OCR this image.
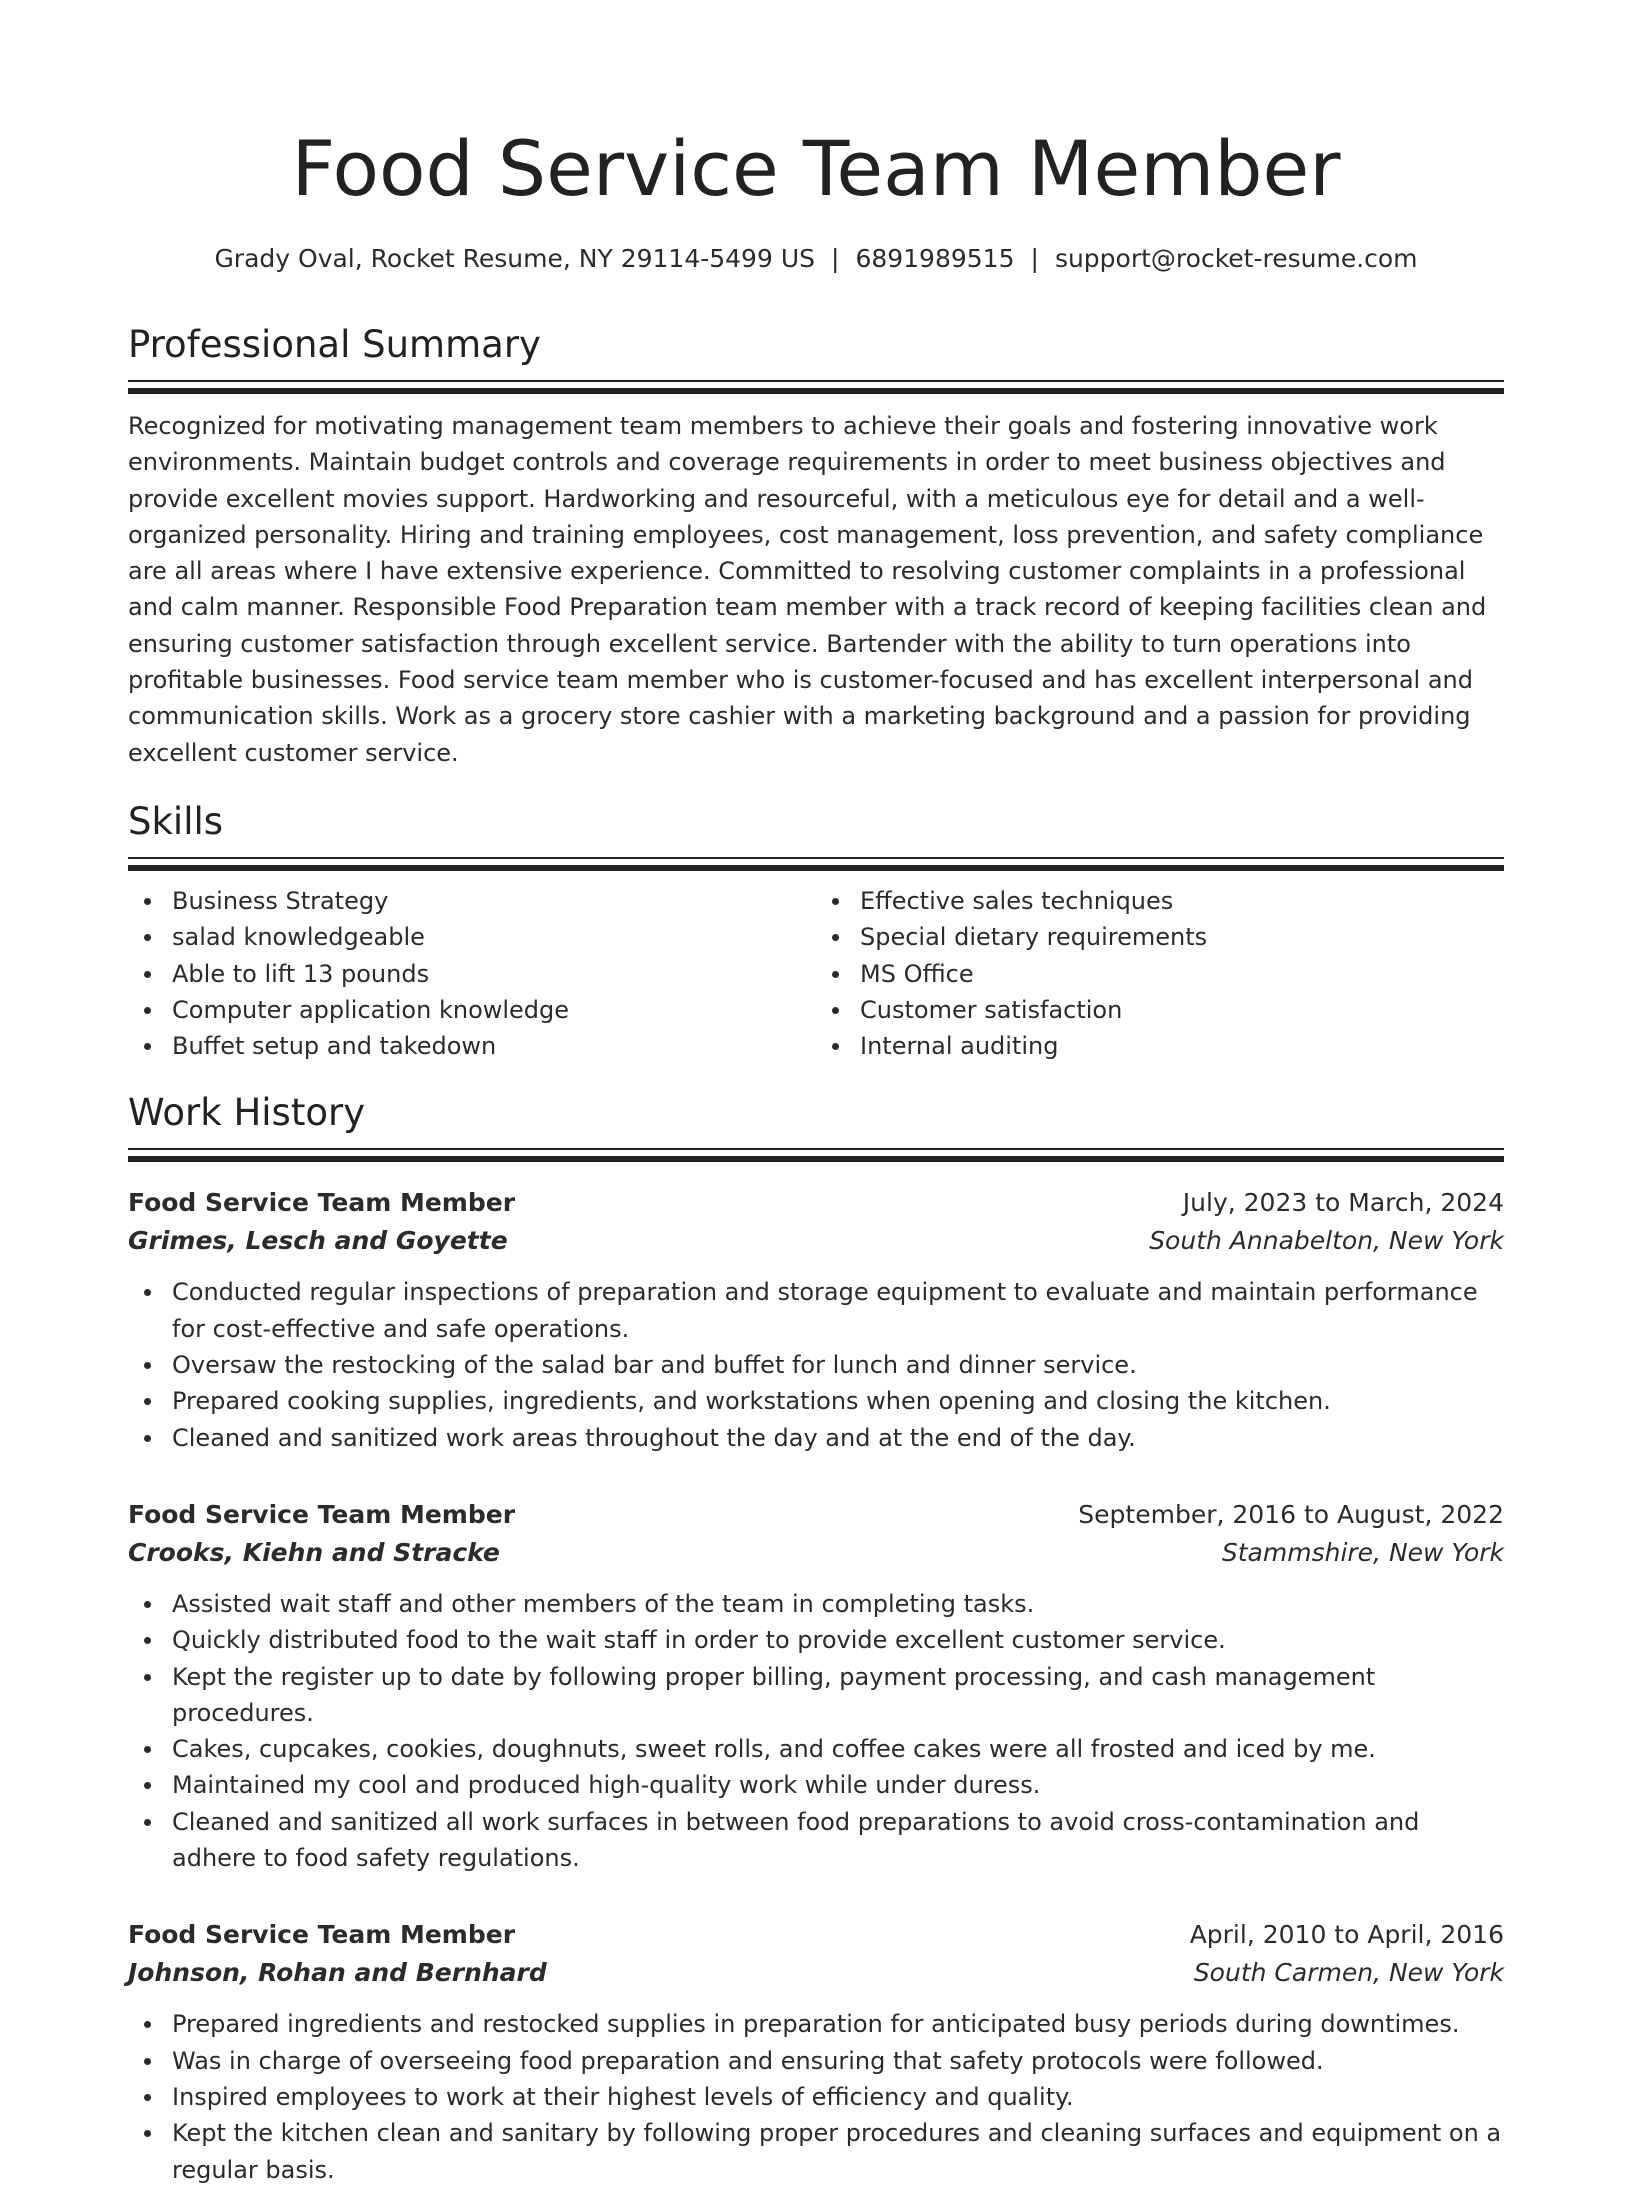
Food Service Team Member
Grady Oval, Rocket Resume, NY 29114-5499 US | 6891989515 | support@rocket-resume.com
Professional Summary

Recognized for motivating management team members to achieve their goals and fostering innovative work environments. Maintain budget controls and coverage requirements in order to meet business objectives and provide excellent movies support. Hardworking and resourceful, with a meticulous eye for detail and a well-organized personality. Hiring and training employees, cost management, loss prevention, and safety compliance are all areas where I have extensive experience. Committed to resolving customer complaints in a professional and calm manner. Responsible Food Preparation team member with a track record of keeping facilities clean and ensuring customer satisfaction through excellent service. Bartender with the ability to turn operations into profitable businesses. Food service team member who is customer-focused and has excellent interpersonal and communication skills. Work as a grocery store cashier with a marketing background and a passion for providing excellent customer service.

Skills
Business Strategy
salad knowledgeable
Able to lift 13 pounds
Computer application knowledge
Buffet setup and takedown
Effective sales techniques
Special dietary requirements
MS Office
Customer satisfaction
Internal auditing
Work History
Food Service Team Member	July, 2023 to March, 2024
Grimes, Lesch and Goyette	South Annabelton, New York
Conducted regular inspections of preparation and storage equipment to evaluate and maintain performance for cost-effective and safe operations.
Oversaw the restocking of the salad bar and buffet for lunch and dinner service.
Prepared cooking supplies, ingredients, and workstations when opening and closing the kitchen.
Cleaned and sanitized work areas throughout the day and at the end of the day.
Food Service Team Member	September, 2016 to August, 2022
Crooks, Kiehn and Stracke	Stammshire, New York
Assisted wait staff and other members of the team in completing tasks.
Quickly distributed food to the wait staff in order to provide excellent customer service.
Kept the register up to date by following proper billing, payment processing, and cash management procedures.
Cakes, cupcakes, cookies, doughnuts, sweet rolls, and coffee cakes were all frosted and iced by me.
Maintained my cool and produced high-quality work while under duress.
Cleaned and sanitized all work surfaces in between food preparations to avoid cross-contamination and adhere to food safety regulations.
Food Service Team Member	April, 2010 to April, 2016
Johnson, Rohan and Bernhard	South Carmen, New York
Prepared ingredients and restocked supplies in preparation for anticipated busy periods during downtimes.
Was in charge of overseeing food preparation and ensuring that safety protocols were followed.
Inspired employees to work at their highest levels of efficiency and quality.
Kept the kitchen clean and sanitary by following proper procedures and cleaning surfaces and equipment on a regular basis.
